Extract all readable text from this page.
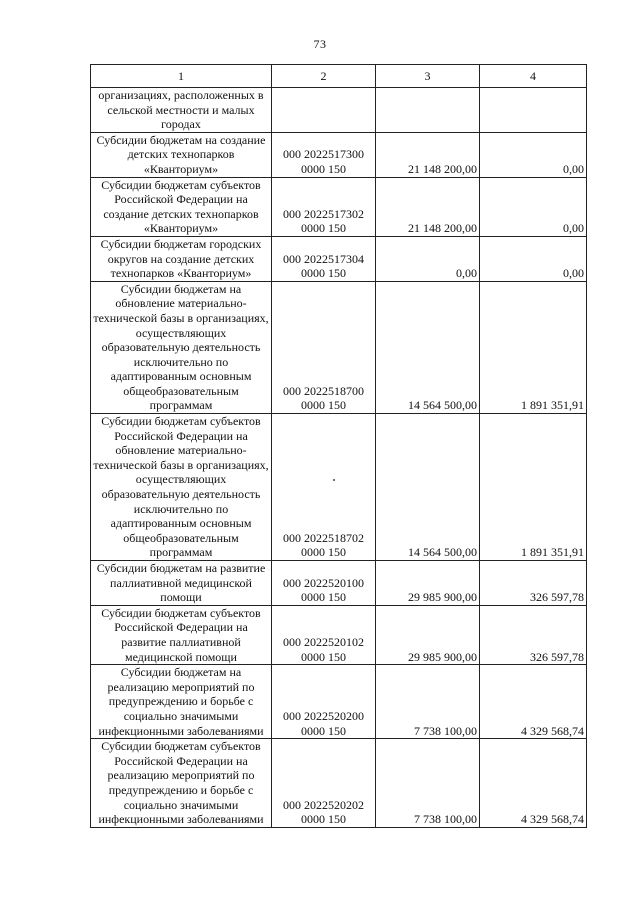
73
1	2	3	4
организациях, расположенных в сельской местности и малых городах			
Субсидии бюджетам на создание детских технопарков «Кванториум»	000 2022517300 0000 150	21 148 200,00	0,00
Субсидии бюджетам субъектов Российской Федерации на создание детских технопарков «Кванториум»	000 2022517302 0000 150	21 148 200,00	0,00
Субсидии бюджетам городских округов на создание детских технопарков «Кванториум»	000 2022517304 0000 150	0,00	0,00
Субсидии бюджетам на обновление материально-технической базы в организациях, осуществляющих образовательную деятельность исключительно по адаптированным основным общеобразовательным программам	000 2022518700 0000 150	14 564 500,00	1 891 351,91
Субсидии бюджетам субъектов Российской Федерации на обновление материально-технической базы в организациях, осуществляющих образовательную деятельность исключительно по адаптированным основным общеобразовательным программам	000 2022518702 0000 150	14 564 500,00	1 891 351,91
Субсидии бюджетам на развитие паллиативной медицинской помощи	000 2022520100 0000 150	29 985 900,00	326 597,78
Субсидии бюджетам субъектов Российской Федерации на развитие паллиативной медицинской помощи	000 2022520102 0000 150	29 985 900,00	326 597,78
Субсидии бюджетам на реализацию мероприятий по предупреждению и борьбе с социально значимыми инфекционными заболеваниями	000 2022520200 0000 150	7 738 100,00	4 329 568,74
Субсидии бюджетам субъектов Российской Федерации на реализацию мероприятий по предупреждению и борьбе с социально значимыми инфекционными заболеваниями	000 2022520202 0000 150	7 738 100,00	4 329 568,74
